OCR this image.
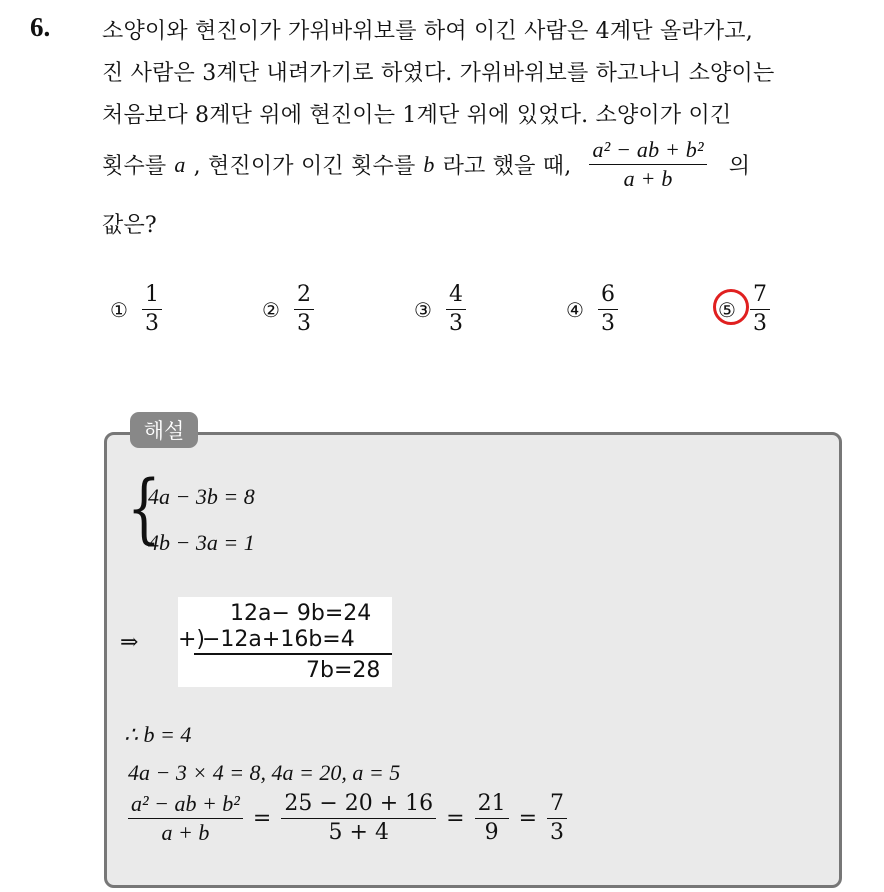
6. 소양이와 현진이가 가위바위보를 하여 이긴 사람은 4계단 올라가고,
진 사람은 3계단 내려가기로 하였다. 가위바위보를 하고나니 소양이는
처음보다 8계단 위에 현진이는 1계단 위에 있었다. 소양이가 이긴
횟수를 a , 현진이가 이긴 횟수를 b 라고 했을 때, $\frac{\text{a² − ab + b²}}{a + b}$ 의
값은?
① $\frac{1}{3}$	② $\frac{2}{3}$	③ $\frac{4}{3}$	④ $\frac{6}{3}$	⑤ $\frac{7}{3}$
해설
{
4a − 3b = 8
4b − 3a = 1
⇒
12a− 9b=24
+)
−12a+16b=4
7b=28
∴ b = 4
4a − 3 × 4 = 8, 4a = 20, a = 5
$\frac{\text{a² − ab + b²}}{a + b} = \frac{25 - 20 + 16}{5 + 4} = \frac{21}{9} = \frac{7}{3}$
